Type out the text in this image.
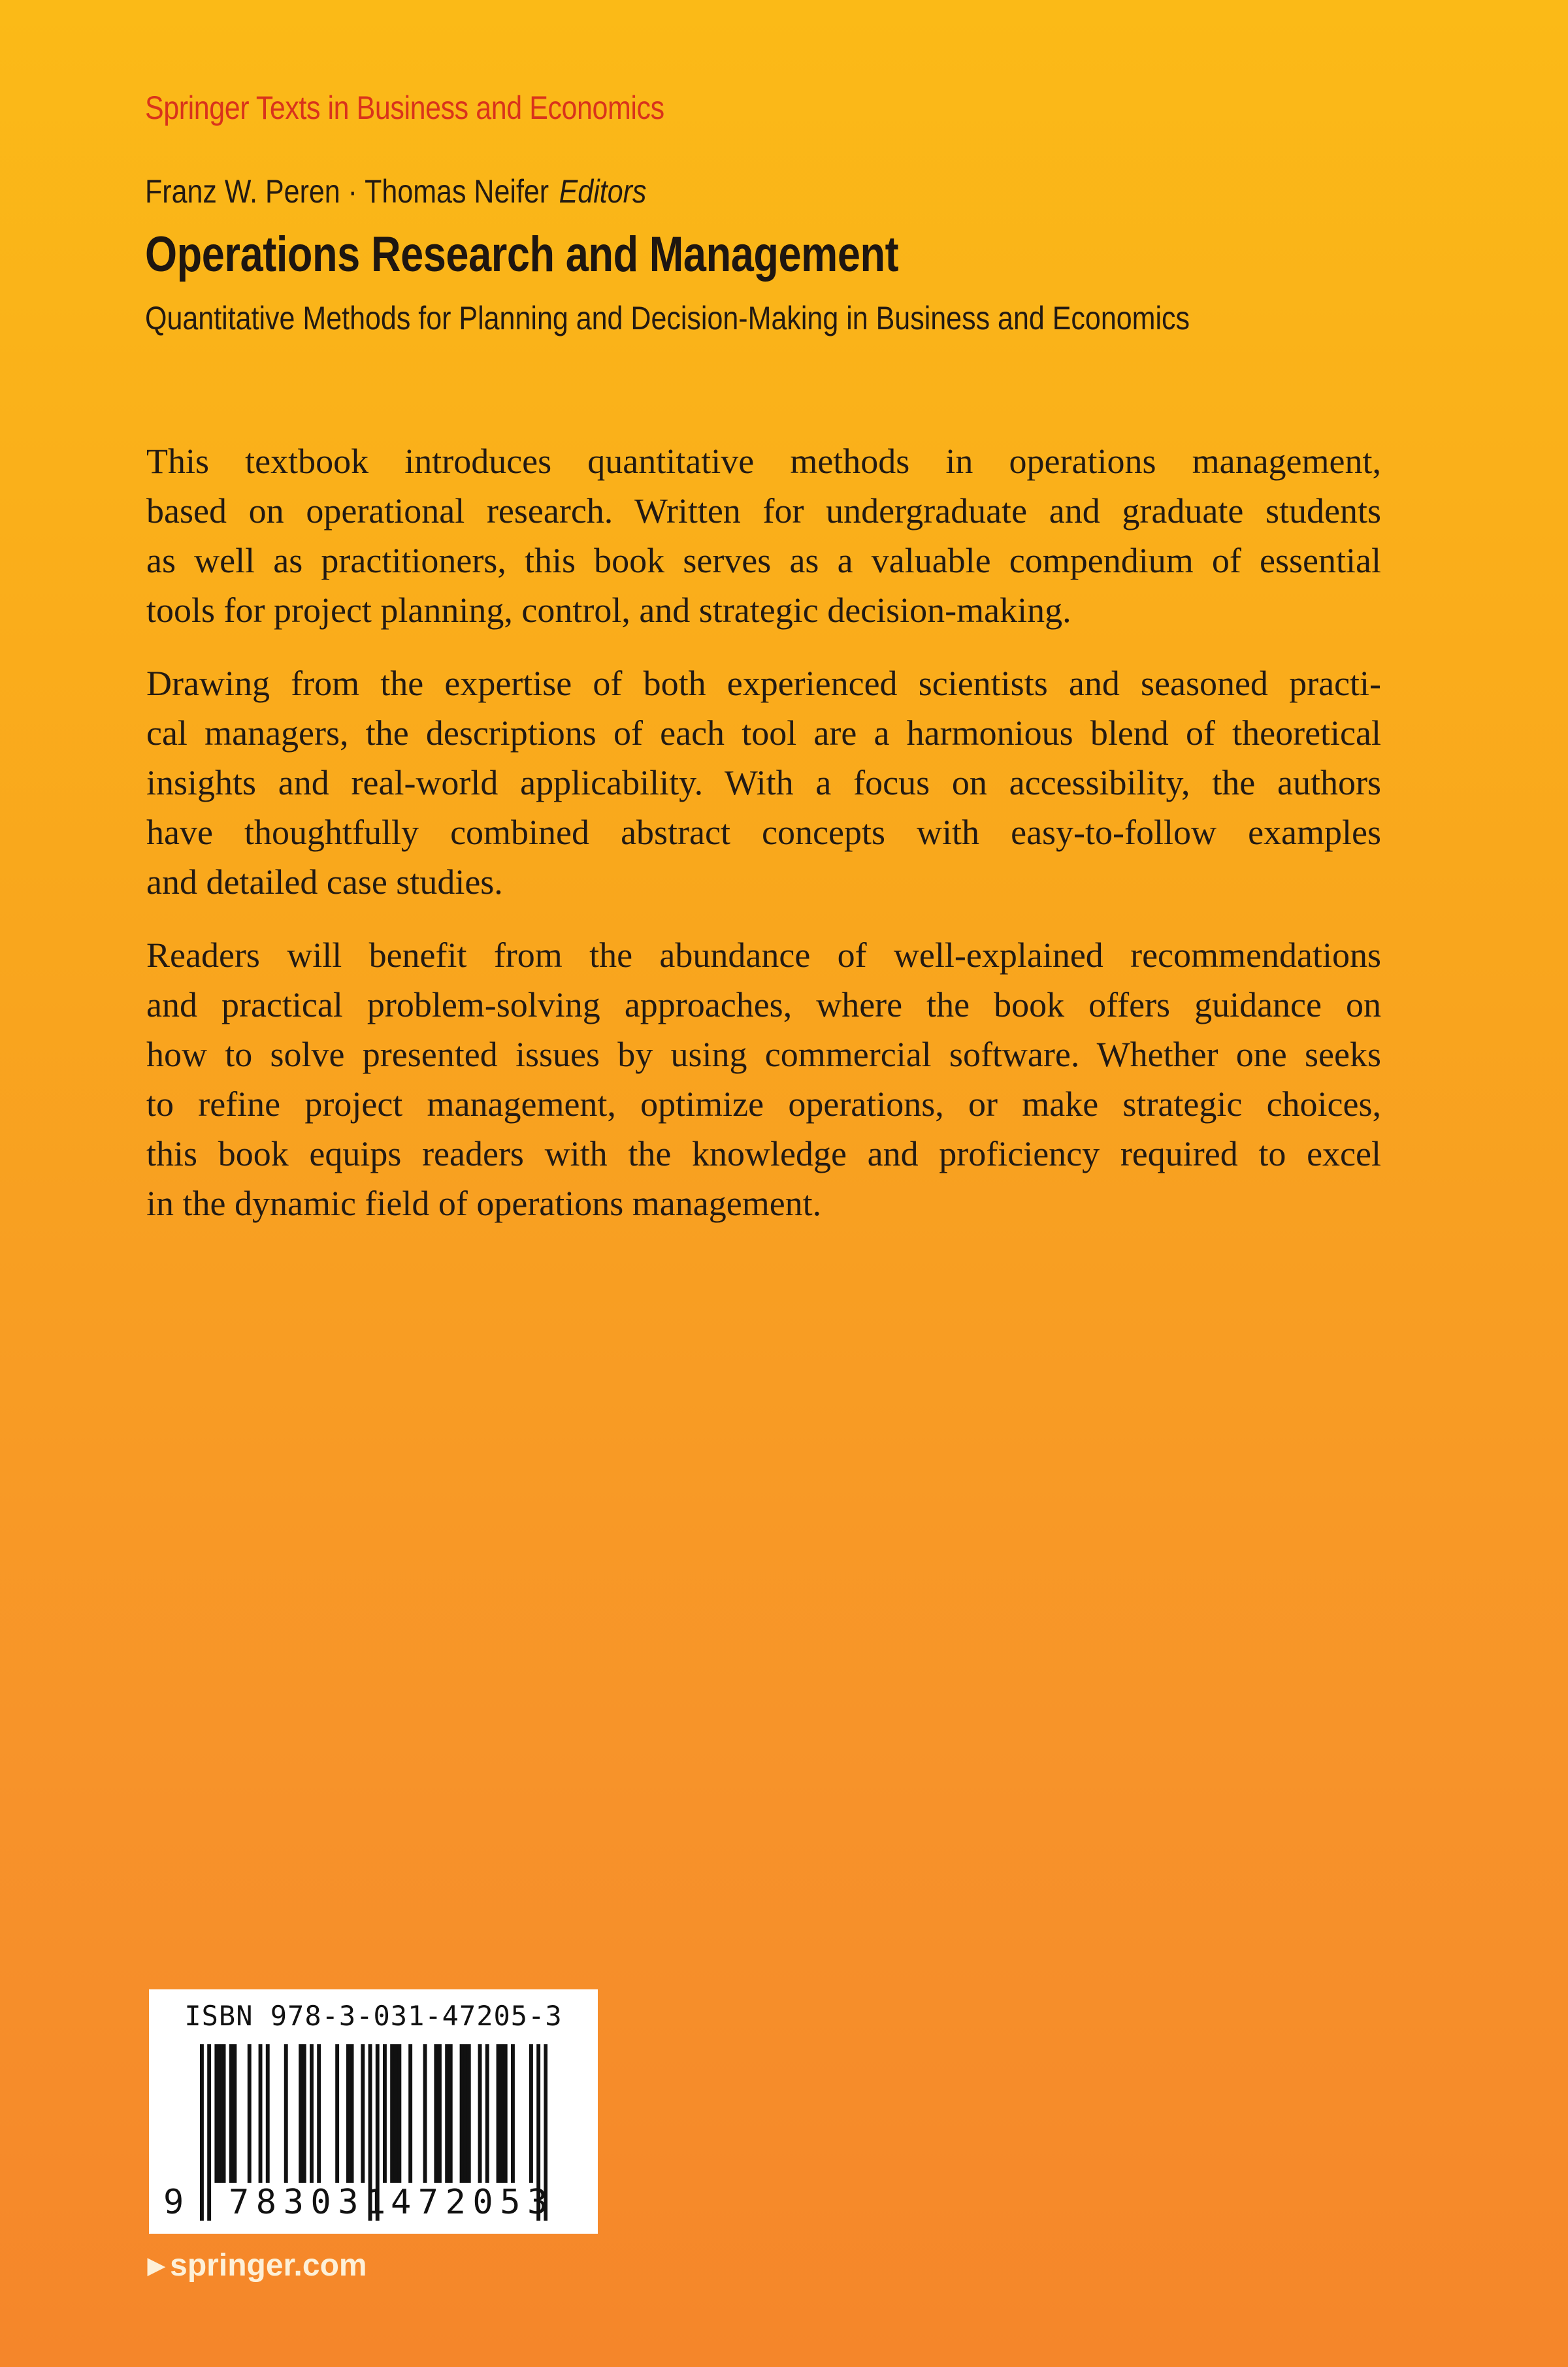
Springer Texts in Business and Economics
Franz W. Peren · Thomas Neifer Editors
Operations Research and Management
Quantitative Methods for Planning and Decision-Making in Business and Economics
This textbook introduces quantitative methods in operations management,
based on operational research. Written for undergraduate and graduate students
as well as practitioners, this book serves as a valuable compendium of essential
tools for project planning, control, and strategic decision-making.
Drawing from the expertise of both experienced scientists and seasoned practi-
cal managers, the descriptions of each tool are a harmonious blend of theoretical
insights and real-world applicability. With a focus on accessibility, the authors
have thoughtfully combined abstract concepts with easy-to-follow examples
and detailed case studies.
Readers will benefit from the abundance of well-explained recommendations
and practical problem-solving approaches, where the book offers guidance on
how to solve presented issues by using commercial software. Whether one seeks
to refine project management, optimize operations, or make strategic choices,
this book equips readers with the knowledge and proficiency required to excel
in the dynamic field of operations management.
ISBN 978-3-031-47205-3
9 783031
472053
▶ springer.com
